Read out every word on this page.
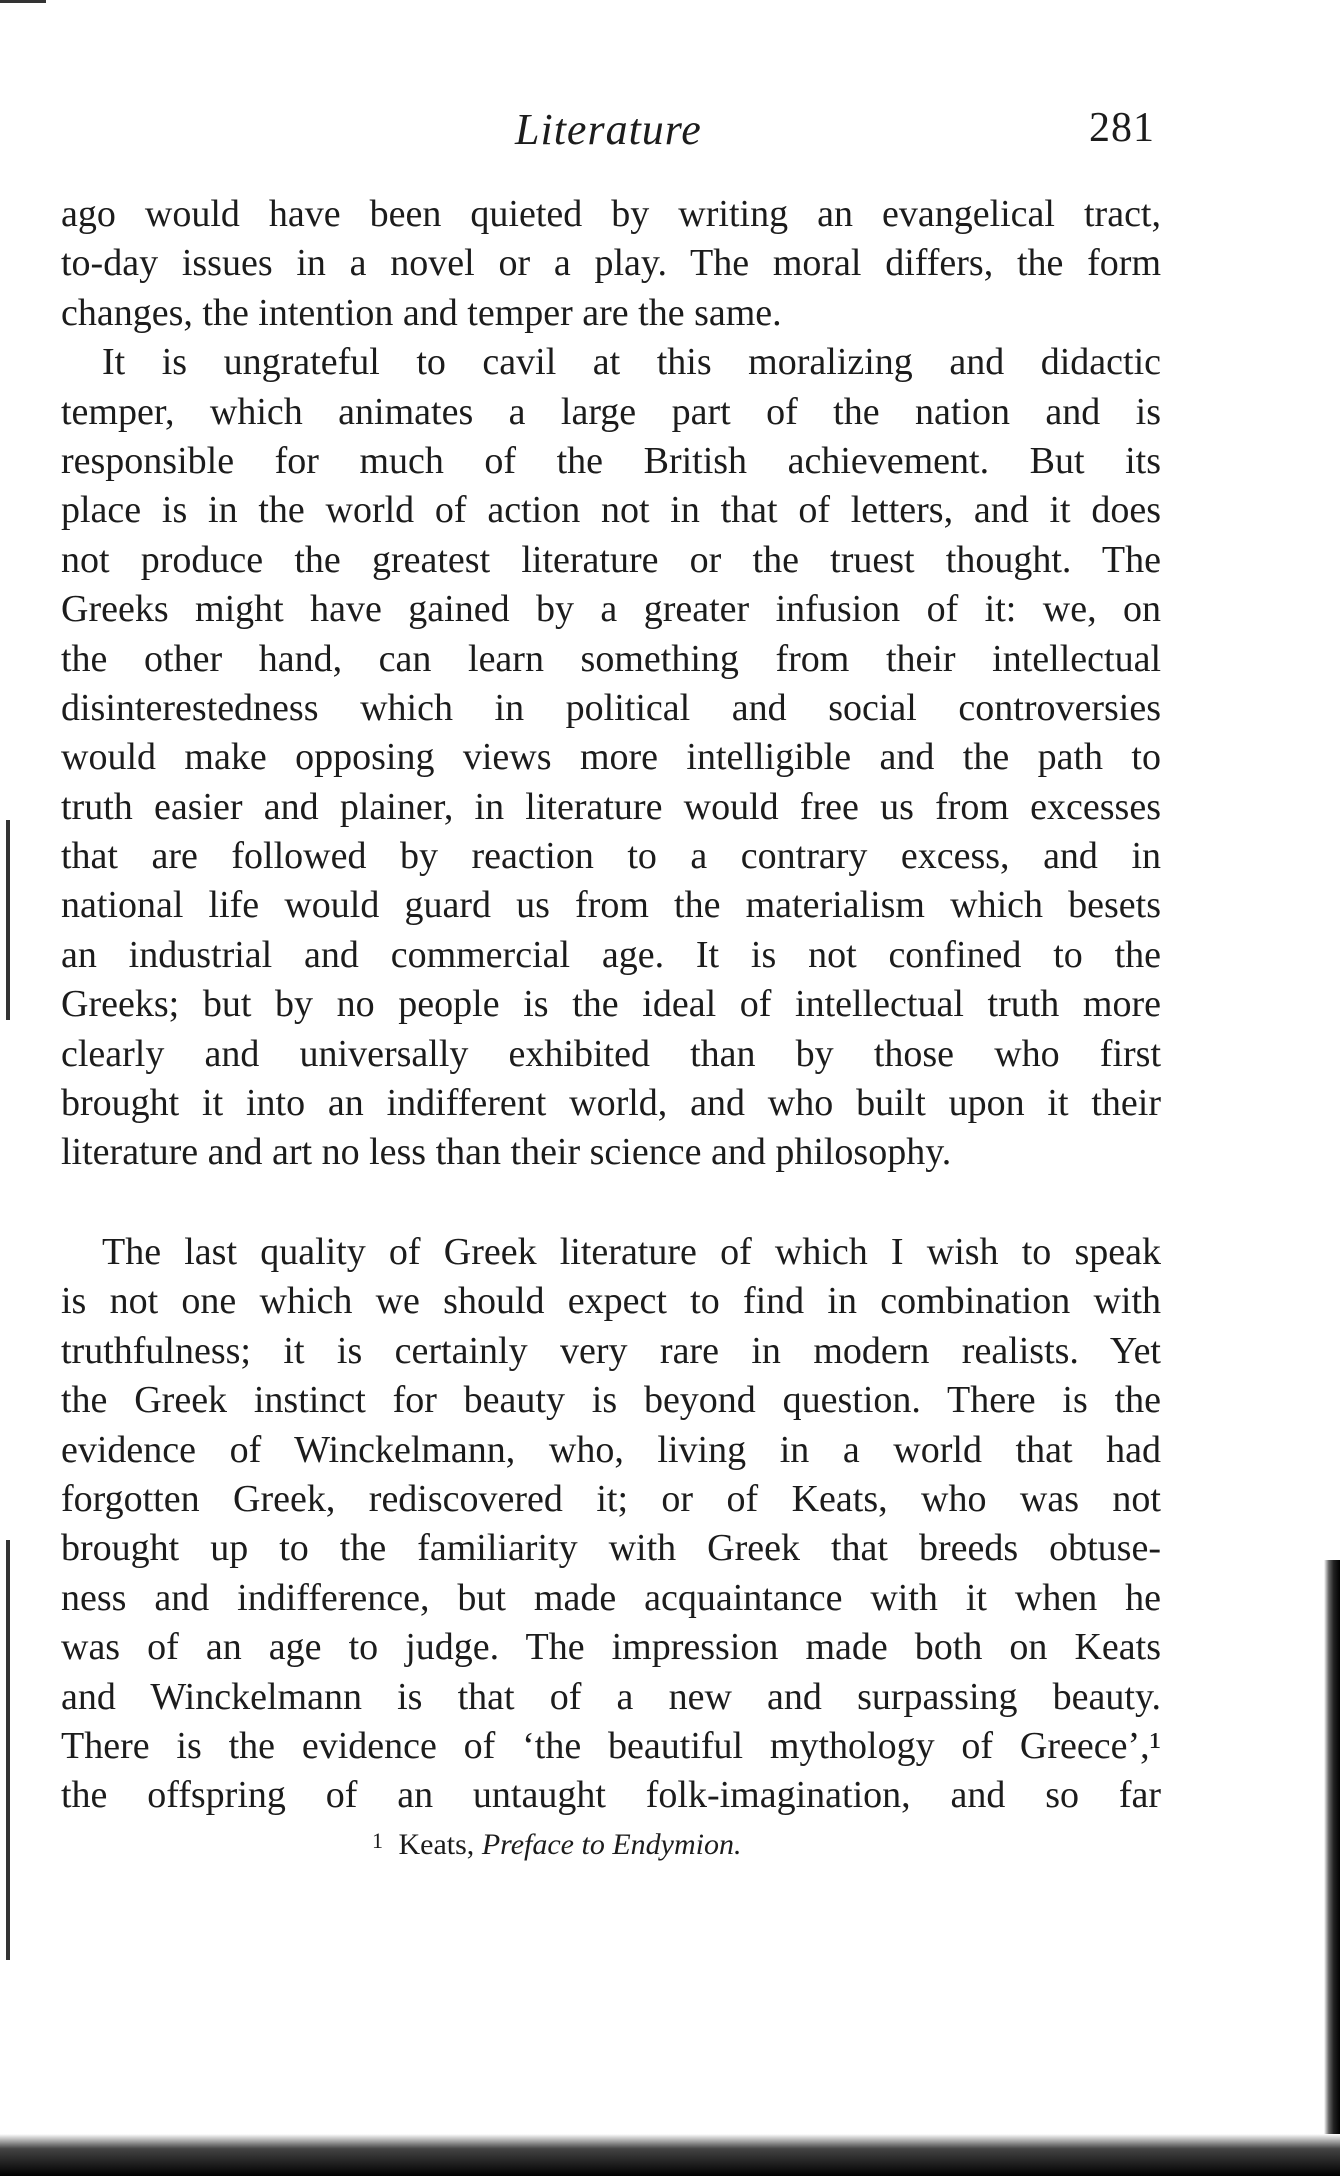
Literature	281
ago would have been quieted by writing an evangelical tract,
to-day issues in a novel or a play. The moral differs, the form
changes, the intention and temper are the same.
It is ungrateful to cavil at this moralizing and didactic
temper, which animates a large part of the nation and is
responsible for much of the British achievement. But its
place is in the world of action not in that of letters, and it does
not produce the greatest literature or the truest thought. The
Greeks might have gained by a greater infusion of it: we, on
the other hand, can learn something from their intellectual
disinterestedness which in political and social controversies
would make opposing views more intelligible and the path to
truth easier and plainer, in literature would free us from excesses
that are followed by reaction to a contrary excess, and in
national life would guard us from the materialism which besets
an industrial and commercial age. It is not confined to the
Greeks; but by no people is the ideal of intellectual truth more
clearly and universally exhibited than by those who first
brought it into an indifferent world, and who built upon it their
literature and art no less than their science and philosophy.
The last quality of Greek literature of which I wish to speak
is not one which we should expect to find in combination with
truthfulness; it is certainly very rare in modern realists. Yet
the Greek instinct for beauty is beyond question. There is the
evidence of Winckelmann, who, living in a world that had
forgotten Greek, rediscovered it; or of Keats, who was not
brought up to the familiarity with Greek that breeds obtuse-
ness and indifference, but made acquaintance with it when he
was of an age to judge. The impression made both on Keats
and Winckelmann is that of a new and surpassing beauty.
There is the evidence of ‘the beautiful mythology of Greece’,¹
the offspring of an untaught folk-imagination, and so far
$^1$ Keats, Preface to Endymion.
